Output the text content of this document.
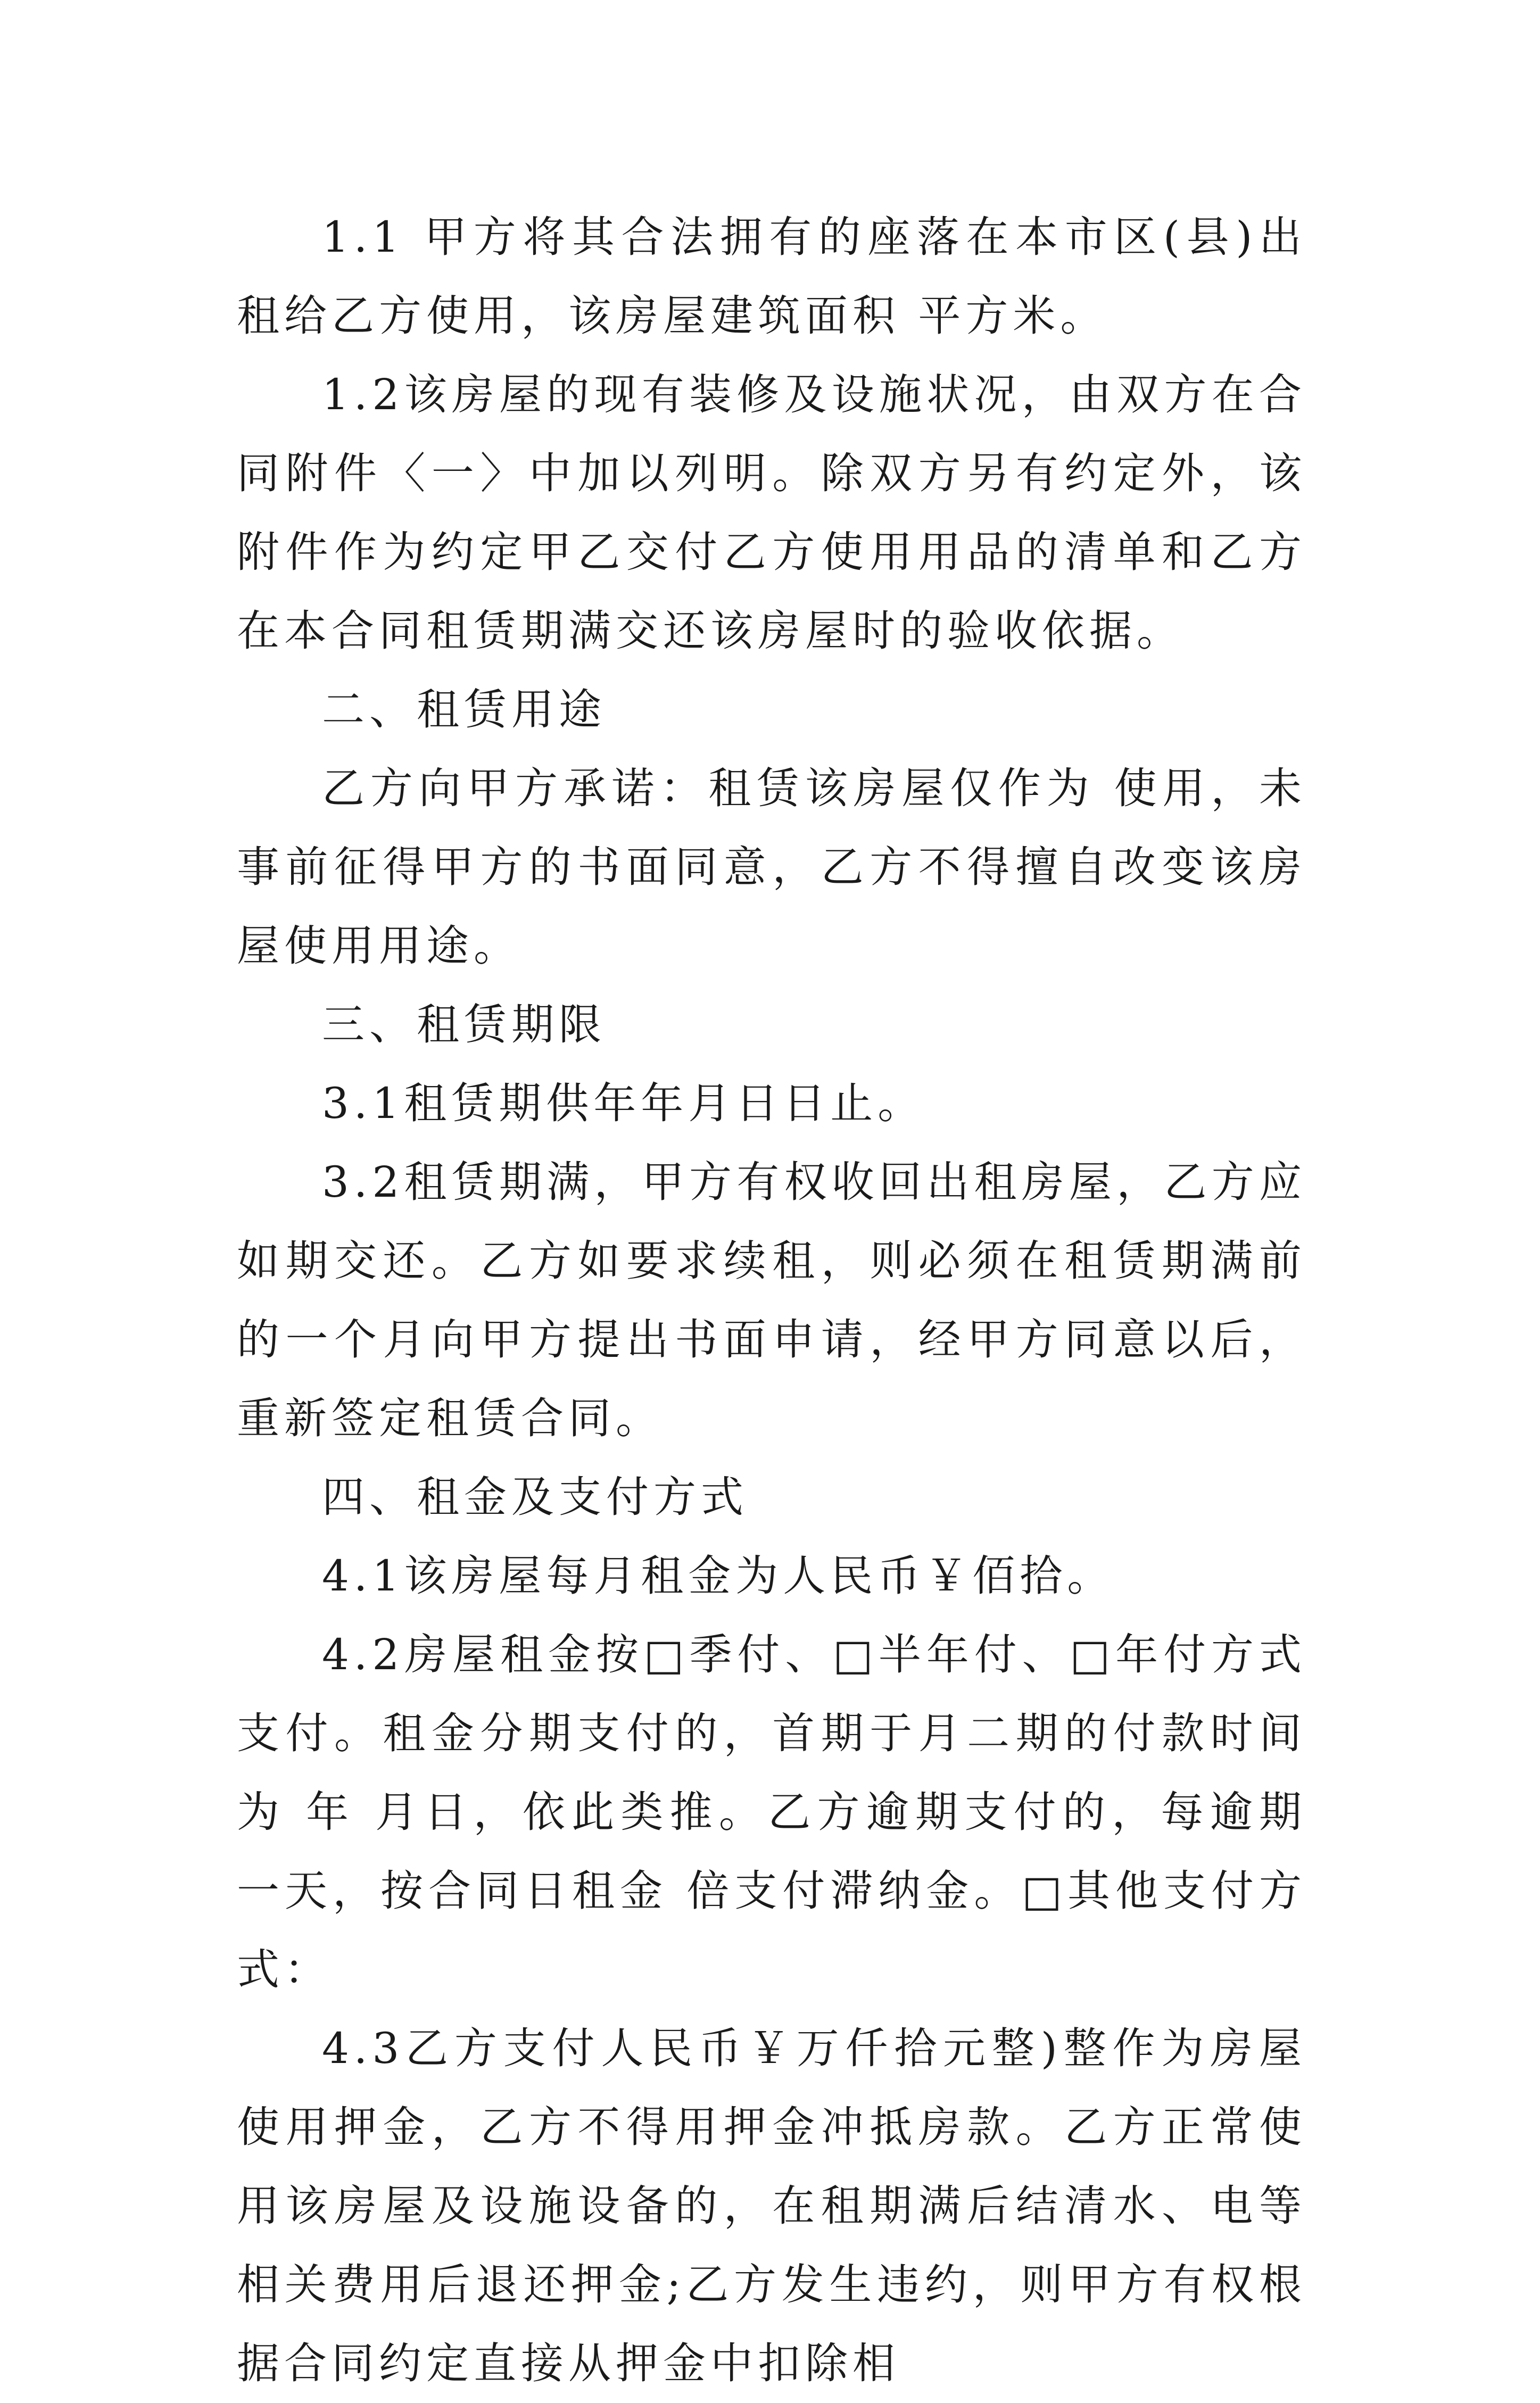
1.1 甲方将其合法拥有的座落在本市区(县)出租给乙方使用，该房屋建筑面积 平方米。

1.2该房屋的现有装修及设施状况，由双方在合同附件〈一〉中加以列明。除双方另有约定外，该附件作为约定甲乙交付乙方使用用品的清单和乙方在本合同租赁期满交还该房屋时的验收依据。

二、租赁用途

乙方向甲方承诺：租赁该房屋仅作为 使用，未事前征得甲方的书面同意，乙方不得擅自改变该房屋使用用途。

三、租赁期限

3.1租赁期供年年月日日止。

3.2租赁期满，甲方有权收回出租房屋，乙方应如期交还。乙方如要求续租，则必须在租赁期满前的一个月向甲方提出书面申请，经甲方同意以后，重新签定租赁合同。

四、租金及支付方式

4.1该房屋每月租金为人民币￥佰拾。

4.2房屋租金按□季付、□半年付、□年付方式支付。租金分期支付的，首期于月二期的付款时间为 年 月日，依此类推。乙方逾期支付的，每逾期一天，按合同日租金 倍支付滞纳金。□其他支付方式：

4.3乙方支付人民币￥万仟拾元整)整作为房屋使用押金，乙方不得用押金冲抵房款。乙方正常使用该房屋及设施设备的，在租期满后结清水、电等相关费用后退还押金;乙方发生违约，则甲方有权根据合同约定直接从押金中扣除相
